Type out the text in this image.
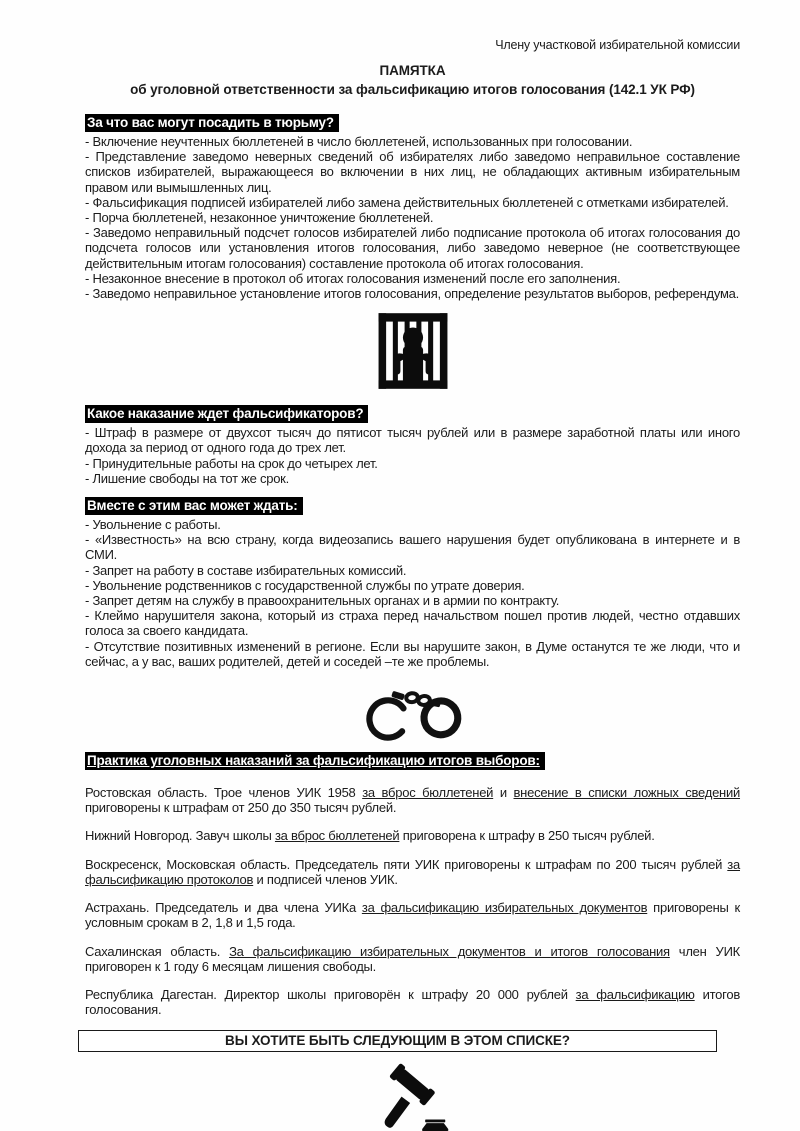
Члену участковой избирательной комиссии
ПАМЯТКА
об уголовной ответственности за фальсификацию итогов голосования (142.1 УК РФ)
За что вас могут посадить в тюрьму?
- Включение неучтенных бюллетеней в число бюллетеней, использованных при голосовании.
- Представление заведомо неверных сведений об избирателях либо заведомо неправильное составление списков избирателей, выражающееся во включении в них лиц, не обладающих активным избирательным правом или вымышленных лиц.
- Фальсификация подписей избирателей либо замена действительных бюллетеней с отметками избирателей.
- Порча бюллетеней, незаконное уничтожение бюллетеней.
- Заведомо неправильный подсчет голосов избирателей либо подписание протокола об итогах голосования до подсчета голосов или установления итогов голосования, либо заведомо неверное (не соответствующее действительным итогам голосования) составление протокола об итогах голосования.
- Незаконное внесение в протокол об итогах голосования изменений после его заполнения.
- Заведомо неправильное установление итогов голосования, определение результатов выборов, референдума.
Какое наказание ждет фальсификаторов?
- Штраф в размере от двухсот тысяч до пятисот тысяч рублей или в размере заработной платы или иного дохода за период от одного года до трех лет.
- Принудительные работы на срок до четырех лет.
- Лишение свободы на тот же срок.
Вместе с этим вас может ждать:
- Увольнение с работы.
- «Известность» на всю страну, когда видеозапись вашего нарушения будет опубликована в интернете и в СМИ.
- Запрет на работу в составе избирательных комиссий.
- Увольнение родственников с государственной службы по утрате доверия.
- Запрет детям на службу в правоохранительных органах и в армии по контракту.
- Клеймо нарушителя закона, который из страха перед начальством пошел против людей, честно отдавших голоса за своего кандидата.
- Отсутствие позитивных изменений в регионе. Если вы нарушите закон, в Думе останутся те же люди, что и сейчас, а у вас, ваших родителей, детей и соседей –те же проблемы.
Практика уголовных наказаний за фальсификацию итогов выборов:

Ростовская область. Трое членов УИК 1958 за вброс бюллетеней и внесение в списки ложных сведений приговорены к штрафам от 250 до 350 тысяч рублей.

Нижний Новгород. Завуч школы за вброс бюллетеней приговорена к штрафу в 250 тысяч рублей.

Воскресенск, Московская область. Председатель пяти УИК приговорены к штрафам по 200 тысяч рублей за фальсификацию протоколов и подписей членов УИК.

Астрахань. Председатель и два члена УИКа за фальсификацию избирательных документов приговорены к условным срокам в 2, 1,8 и 1,5 года.

Сахалинская область. За фальсификацию избирательных документов и итогов голосования член УИК приговорен к 1 году 6 месяцам лишения свободы.

Республика Дагестан. Директор школы приговорён к штрафу 20 000 рублей за фальсификацию итогов голосования.

ВЫ ХОТИТЕ БЫТЬ СЛЕДУЮЩИМ В ЭТОМ СПИСКЕ?
